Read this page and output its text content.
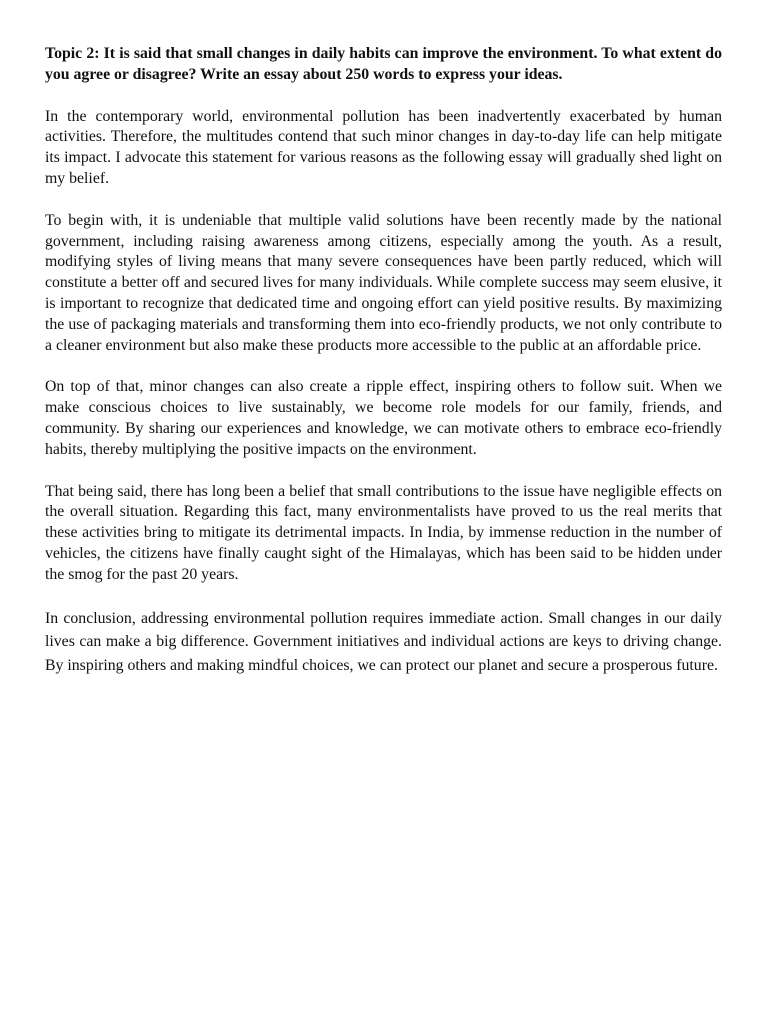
Topic 2: It is said that small changes in daily habits can improve the environment. To what extent do you agree or disagree? Write an essay about 250 words to express your ideas.

In the contemporary world, environmental pollution has been inadvertently exacerbated by human activities. Therefore, the multitudes contend that such minor changes in day-to-day life can help mitigate its impact. I advocate this statement for various reasons as the following essay will gradually shed light on my belief.

To begin with, it is undeniable that multiple valid solutions have been recently made by the national government, including raising awareness among citizens, especially among the youth. As a result, modifying styles of living means that many severe consequences have been partly reduced, which will constitute a better off and secured lives for many individuals. While complete success may seem elusive, it is important to recognize that dedicated time and ongoing effort can yield positive results. By maximizing the use of packaging materials and transforming them into eco-friendly products, we not only contribute to a cleaner environment but also make these products more accessible to the public at an affordable price.

On top of that, minor changes can also create a ripple effect, inspiring others to follow suit. When we make conscious choices to live sustainably, we become role models for our family, friends, and community. By sharing our experiences and knowledge, we can motivate others to embrace eco-friendly habits, thereby multiplying the positive impacts on the environment.

That being said, there has long been a belief that small contributions to the issue have negligible effects on the overall situation. Regarding this fact, many environmentalists have proved to us the real merits that these activities bring to mitigate its detrimental impacts. In India, by immense reduction in the number of vehicles, the citizens have finally caught sight of the Himalayas, which has been said to be hidden under the smog for the past 20 years.

In conclusion, addressing environmental pollution requires immediate action. Small changes in our daily lives can make a big difference. Government initiatives and individual actions are keys to driving change. By inspiring others and making mindful choices, we can protect our planet and secure a prosperous future.
